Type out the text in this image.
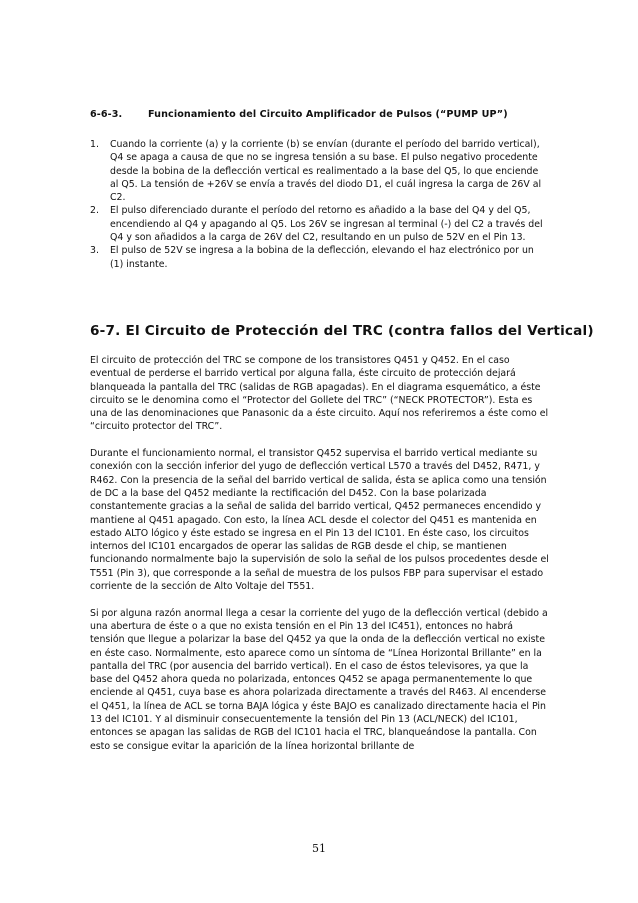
6-6-3.	Funcionamiento del Circuito Amplificador de Pulsos (“PUMP UP”)
1. Cuando la corriente (a) y la corriente (b) se envían (durante el período del barrido vertical), Q4 se apaga a causa de que no se ingresa tensión a su base. El pulso negativo procedente desde la bobina de la deflección vertical es realimentado a la base del Q5, lo que enciende al Q5. La tensión de +26V se envía a través del diodo D1, el cuál ingresa la carga de 26V al C2.
2. El pulso diferenciado durante el período del retorno es añadido a la base del Q4 y del Q5, encendiendo al Q4 y apagando al Q5. Los 26V se ingresan al terminal (-) del C2 a través del Q4 y son añadidos a la carga de 26V del C2, resultando en un pulso de 52V en el Pin 13.
3. El pulso de 52V se ingresa a la bobina de la deflección, elevando el haz electrónico por un (1) instante.
6-7. El Circuito de Protección del TRC (contra fallos del Vertical)

El circuito de protección del TRC se compone de los transistores Q451 y Q452. En el caso eventual de perderse el barrido vertical por alguna falla, éste circuito de protección dejará blanqueada la pantalla del TRC (salidas de RGB apagadas). En el diagrama esquemático, a éste circuito se le denomina como el “Protector del Gollete del TRC” (“NECK PROTECTOR”). Esta es una de las denominaciones que Panasonic da a éste circuito. Aquí nos referiremos a éste como el “circuito protector del TRC”.

Durante el funcionamiento normal, el transistor Q452 supervisa el barrido vertical mediante su conexión con la sección inferior del yugo de deflección vertical L570 a través del D452, R471, y R462. Con la presencia de la señal del barrido vertical de salida, ésta se aplica como una tensión de DC a la base del Q452 mediante la rectificación del D452. Con la base polarizada constantemente gracias a la señal de salida del barrido vertical, Q452 permaneces encendido y mantiene al Q451 apagado. Con esto, la línea ACL desde el colector del Q451 es mantenida en estado ALTO lógico y éste estado se ingresa en el Pin 13 del IC101. En éste caso, los circuitos internos del IC101 encargados de operar las salidas de RGB desde el chip, se mantienen funcionando normalmente bajo la supervisión de solo la señal de los pulsos procedentes desde el T551 (Pin 3), que corresponde a la señal de muestra de los pulsos FBP para supervisar el estado corriente de la sección de Alto Voltaje del T551.

Si por alguna razón anormal llega a cesar la corriente del yugo de la deflección vertical (debido a una abertura de éste o a que no exista tensión en el Pin 13 del IC451), entonces no habrá tensión que llegue a polarizar la base del Q452 ya que la onda de la deflección vertical no existe en éste caso. Normalmente, esto aparece como un síntoma de “Línea Horizontal Brillante” en la pantalla del TRC (por ausencia del barrido vertical). En el caso de éstos televisores, ya que la base del Q452 ahora queda no polarizada, entonces Q452 se apaga permanentemente lo que enciende al Q451, cuya base es ahora polarizada directamente a través del R463. Al encenderse el Q451, la línea de ACL se torna BAJA lógica y éste BAJO es canalizado directamente hacia el Pin 13 del IC101. Y al disminuir consecuentemente la tensión del Pin 13 (ACL/NECK) del IC101, entonces se apagan las salidas de RGB del IC101 hacia el TRC, blanqueándose la pantalla. Con esto se consigue evitar la aparición de la línea horizontal brillante de

51
